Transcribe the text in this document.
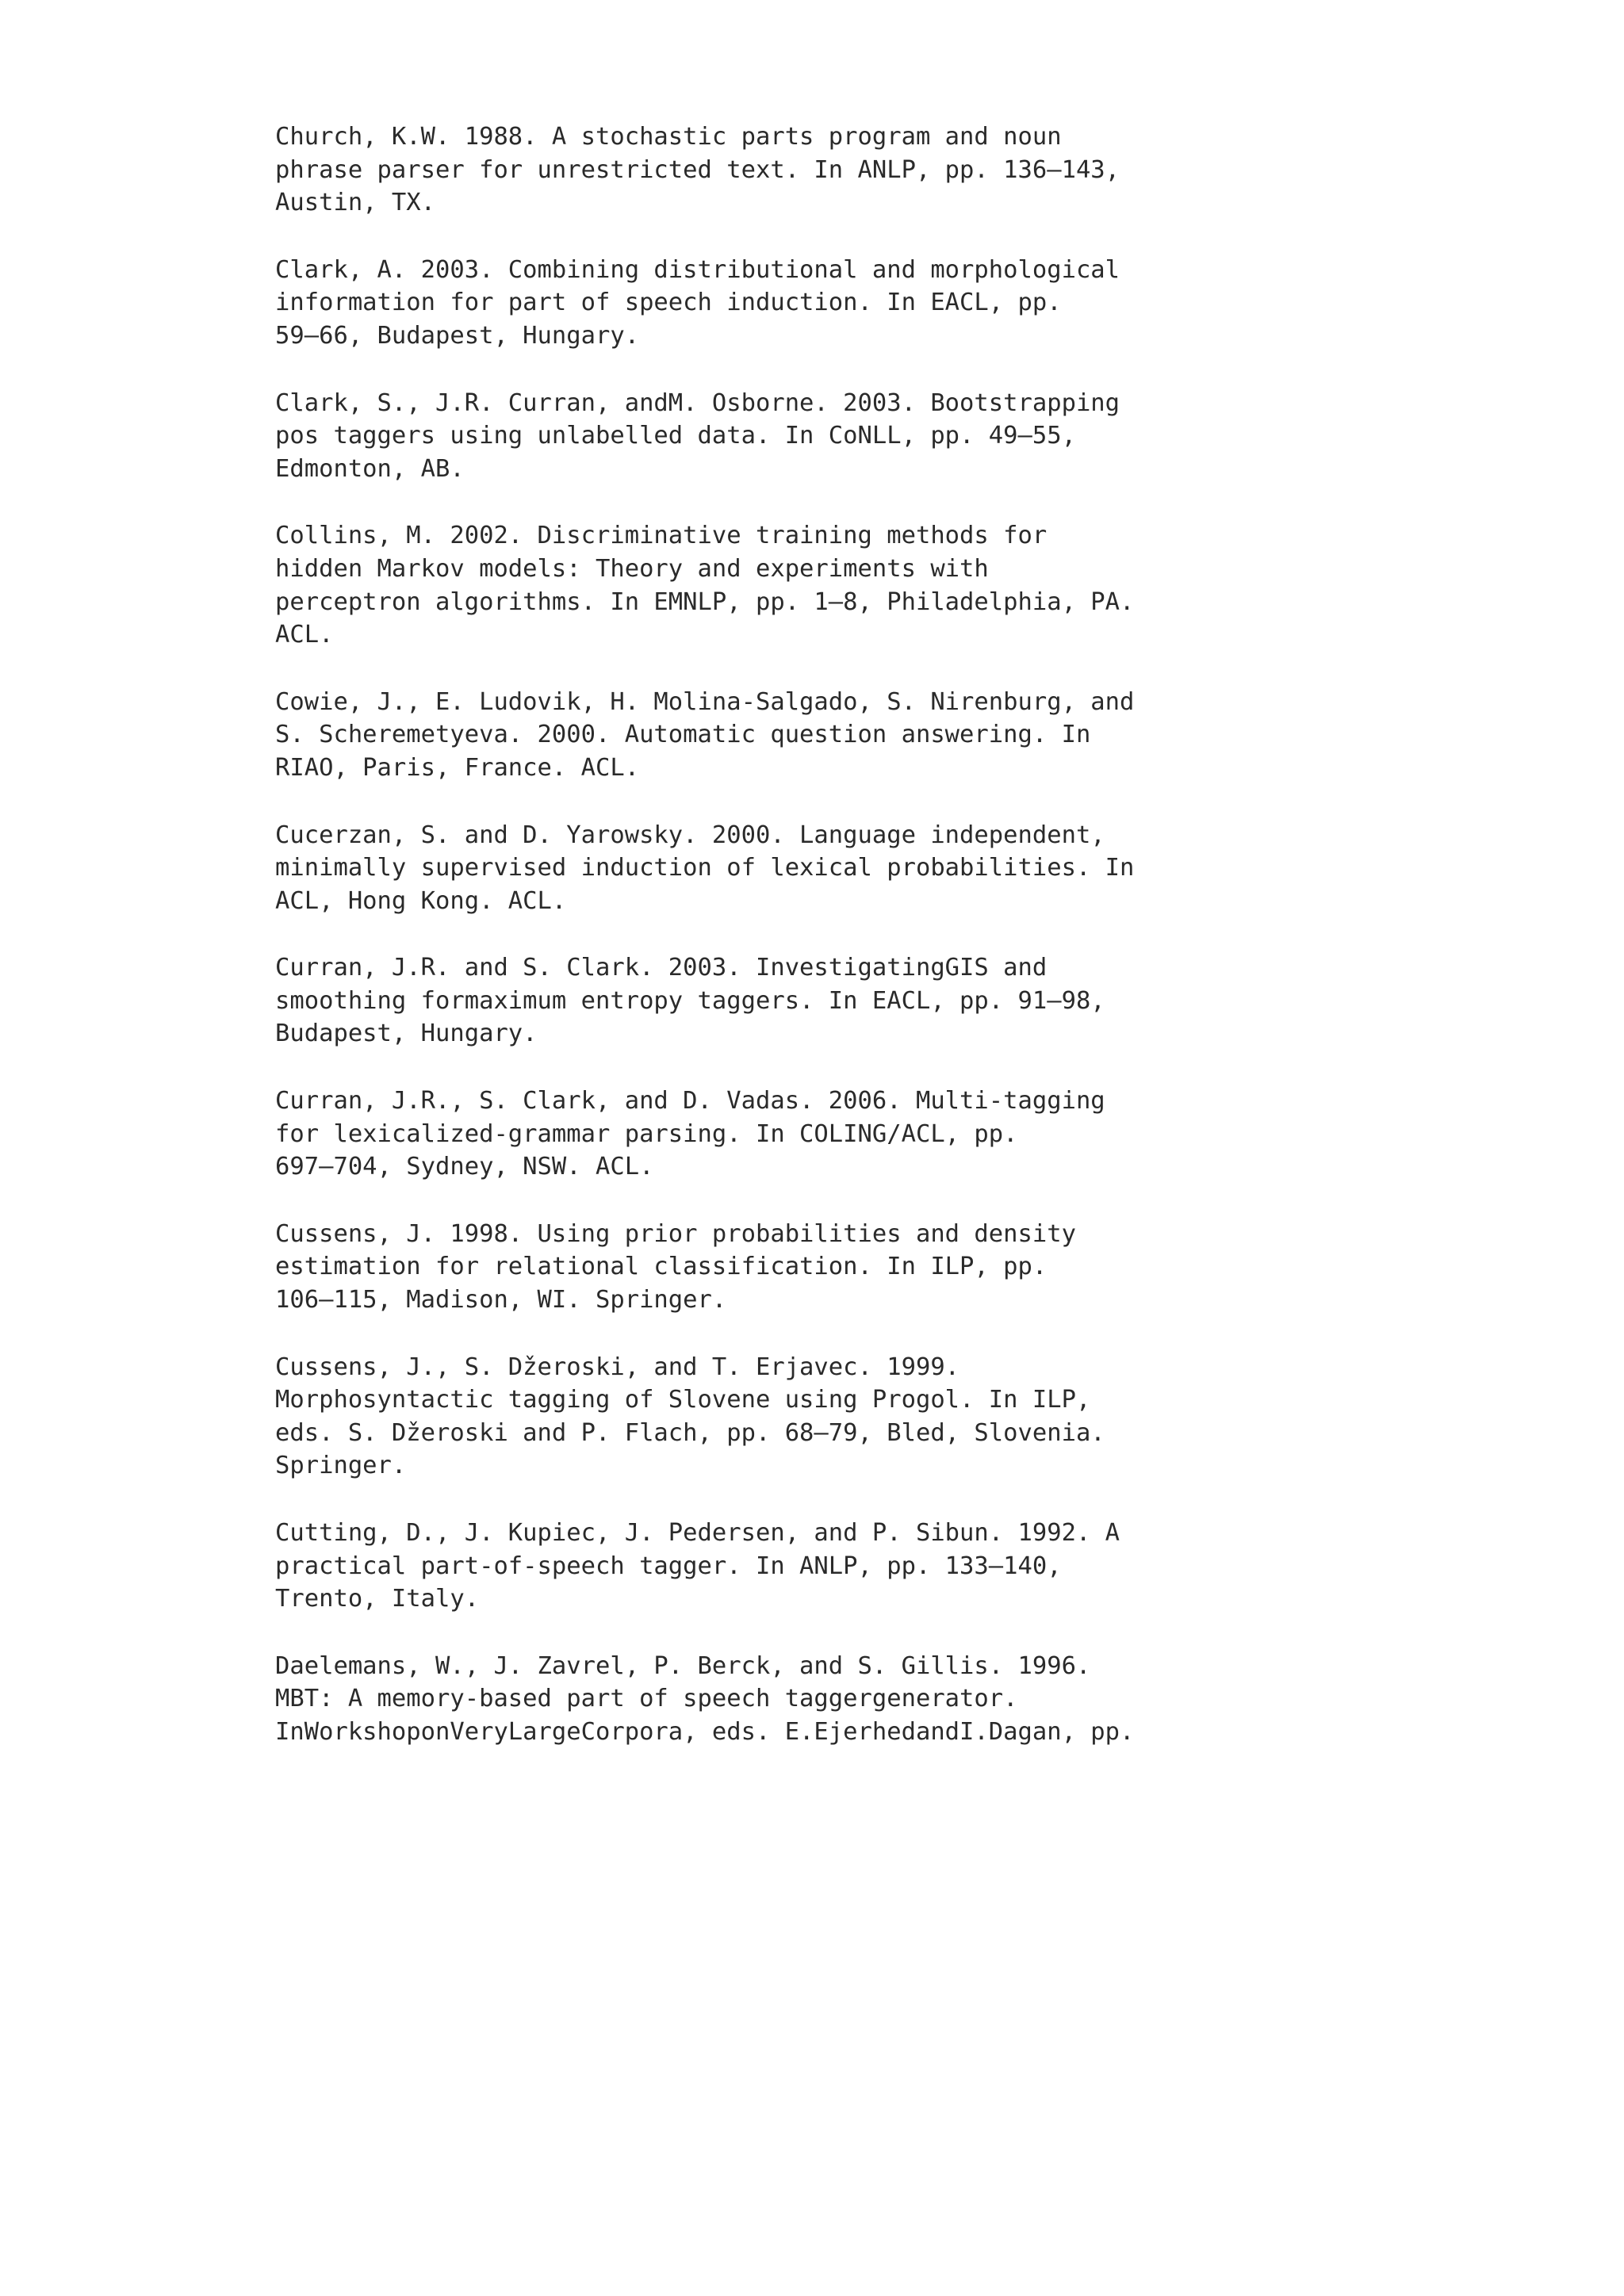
Church, K.W. 1988. A stochastic parts program and noun
phrase parser for unrestricted text. In ANLP, pp. 136–143,
Austin, TX.
Clark, A. 2003. Combining distributional and morphological
information for part of speech induction. In EACL, pp.
59–66, Budapest, Hungary.
Clark, S., J.R. Curran, andM. Osborne. 2003. Bootstrapping
pos taggers using unlabelled data. In CoNLL, pp. 49–55,
Edmonton, AB.
Collins, M. 2002. Discriminative training methods for
hidden Markov models: Theory and experiments with
perceptron algorithms. In EMNLP, pp. 1–8, Philadelphia, PA.
ACL.
Cowie, J., E. Ludovik, H. Molina-Salgado, S. Nirenburg, and
S. Scheremetyeva. 2000. Automatic question answering. In
RIAO, Paris, France. ACL.
Cucerzan, S. and D. Yarowsky. 2000. Language independent,
minimally supervised induction of lexical probabilities. In
ACL, Hong Kong. ACL.
Curran, J.R. and S. Clark. 2003. InvestigatingGIS and
smoothing formaximum entropy taggers. In EACL, pp. 91–98,
Budapest, Hungary.
Curran, J.R., S. Clark, and D. Vadas. 2006. Multi-tagging
for lexicalized-grammar parsing. In COLING/ACL, pp.
697–704, Sydney, NSW. ACL.
Cussens, J. 1998. Using prior probabilities and density
estimation for relational classification. In ILP, pp.
106–115, Madison, WI. Springer.
Cussens, J., S. Džeroski, and T. Erjavec. 1999.
Morphosyntactic tagging of Slovene using Progol. In ILP,
eds. S. Džeroski and P. Flach, pp. 68–79, Bled, Slovenia.
Springer.
Cutting, D., J. Kupiec, J. Pedersen, and P. Sibun. 1992. A
practical part-of-speech tagger. In ANLP, pp. 133–140,
Trento, Italy.
Daelemans, W., J. Zavrel, P. Berck, and S. Gillis. 1996.
MBT: A memory-based part of speech taggergenerator.
InWorkshoponVeryLargeCorpora, eds. E.EjerhedandI.Dagan, pp.
